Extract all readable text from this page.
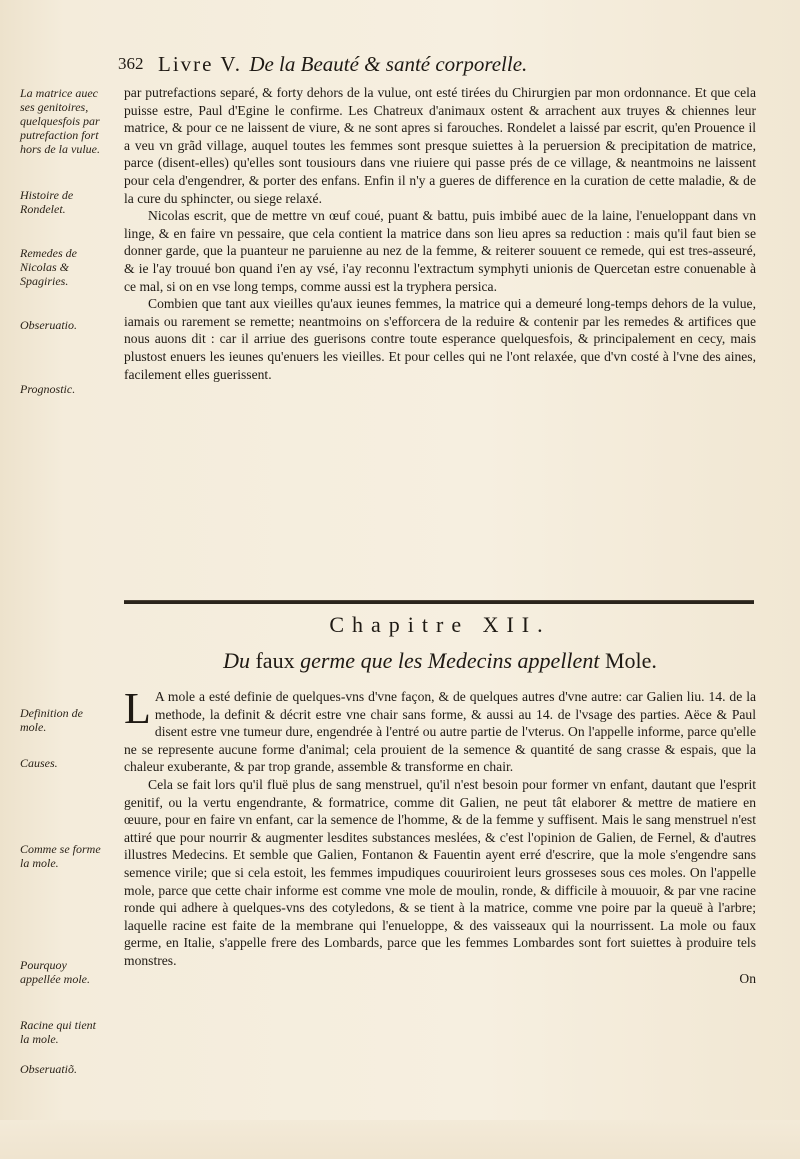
362 Livre V. De la Beauté & santé corporelle.
La matrice auec ses genitoires, quelquesfois par putrefaction fort hors de la vulue.
Histoire de Rondelet.
Remedes de Nicolas & Spagiries.
Obseruatio.
Prognostic.

par putrefactions separé, & forty dehors de la vulue, ont esté tirées du Chirurgien par mon ordonnance. Et que cela puisse estre, Paul d'Egine le confirme. Les Chatreux d'animaux ostent & arrachent aux truyes & chiennes leur matrice, & pour ce ne laissent de viure, & ne sont apres si farouches. Rondelet a laissé par escrit, qu'en Prouence il a veu vn grãd village, auquel toutes les femmes sont presque suiettes à la peruersion & precipitation de matrice, parce (disent-elles) qu'elles sont tousiours dans vne riuiere qui passe prés de ce village, & neantmoins ne laissent pour cela d'engendrer, & porter des enfans. Enfin il n'y a gueres de difference en la curation de cette maladie, & de la cure du sphincter, ou siege relaxé.

Nicolas escrit, que de mettre vn œuf coué, puant & battu, puis imbibé auec de la laine, l'enueloppant dans vn linge, & en faire vn pessaire, que cela contient la matrice dans son lieu apres sa reduction : mais qu'il faut bien se donner garde, que la puanteur ne paruienne au nez de la femme, & reiterer souuent ce remede, qui est tres-asseuré, & ie l'ay trouué bon quand i'en ay vsé, i'ay reconnu l'extractum symphyti unionis de Quercetan estre conuenable à ce mal, si on en vse long temps, comme aussi est la tryphera persica.

Combien que tant aux vieilles qu'aux ieunes femmes, la matrice qui a demeuré long-temps dehors de la vulue, iamais ou rarement se remette; neantmoins on s'efforcera de la reduire & contenir par les remedes & artifices que nous auons dit : car il arriue des guerisons contre toute esperance quelquesfois, & principalement en cecy, mais plustost enuers les ieunes qu'enuers les vieilles. Et pour celles qui ne l'ont relaxée, que d'vn costé à l'vne des aines, facilement elles guerissent.

Chapitre XII.
Du faux germe que les Medecins appellent Mole.
Definition de mole.
Causes.
Comme se forme la mole.
Pourquoy appellée mole.
Racine qui tient la mole.
Obseruatiõ.

L A mole a esté definie de quelques-vns d'vne façon, & de quelques autres d'vne autre: car Galien liu. 14. de la methode, la definit & décrit estre vne chair sans forme, & aussi au 14. de l'vsage des parties. Aëce & Paul disent estre vne tumeur dure, engendrée à l'entré ou autre partie de l'vterus. On l'appelle informe, parce qu'elle ne se represente aucune forme d'animal; cela prouient de la semence & quantité de sang crasse & espais, que la chaleur exuberante, & par trop grande, assemble & transforme en chair.

Cela se fait lors qu'il fluë plus de sang menstruel, qu'il n'est besoin pour former vn enfant, dautant que l'esprit genitif, ou la vertu engendrante, & formatrice, comme dit Galien, ne peut tât elaborer & mettre de matiere en œuure, pour en faire vn enfant, car la semence de l'homme, & de la femme y suffisent. Mais le sang menstruel n'est attiré que pour nourrir & augmenter lesdites substances meslées, & c'est l'opinion de Galien, de Fernel, & d'autres illustres Medecins. Et semble que Galien, Fontanon & Fauentin ayent erré d'escrire, que la mole s'engendre sans semence virile; que si cela estoit, les femmes impudiques couuriroient leurs grosseses sous ces moles. On l'appelle mole, parce que cette chair informe est comme vne mole de moulin, ronde, & difficile à mouuoir, & par vne racine ronde qui adhere à quelques-vns des cotyledons, & se tient à la matrice, comme vne poire par la queuë à l'arbre; laquelle racine est faite de la membrane qui l'enueloppe, & des vaisseaux qui la nourrissent. La mole ou faux germe, en Italie, s'appelle frere des Lombards, parce que les femmes Lombardes sont fort suiettes à produire tels monstres.

On
